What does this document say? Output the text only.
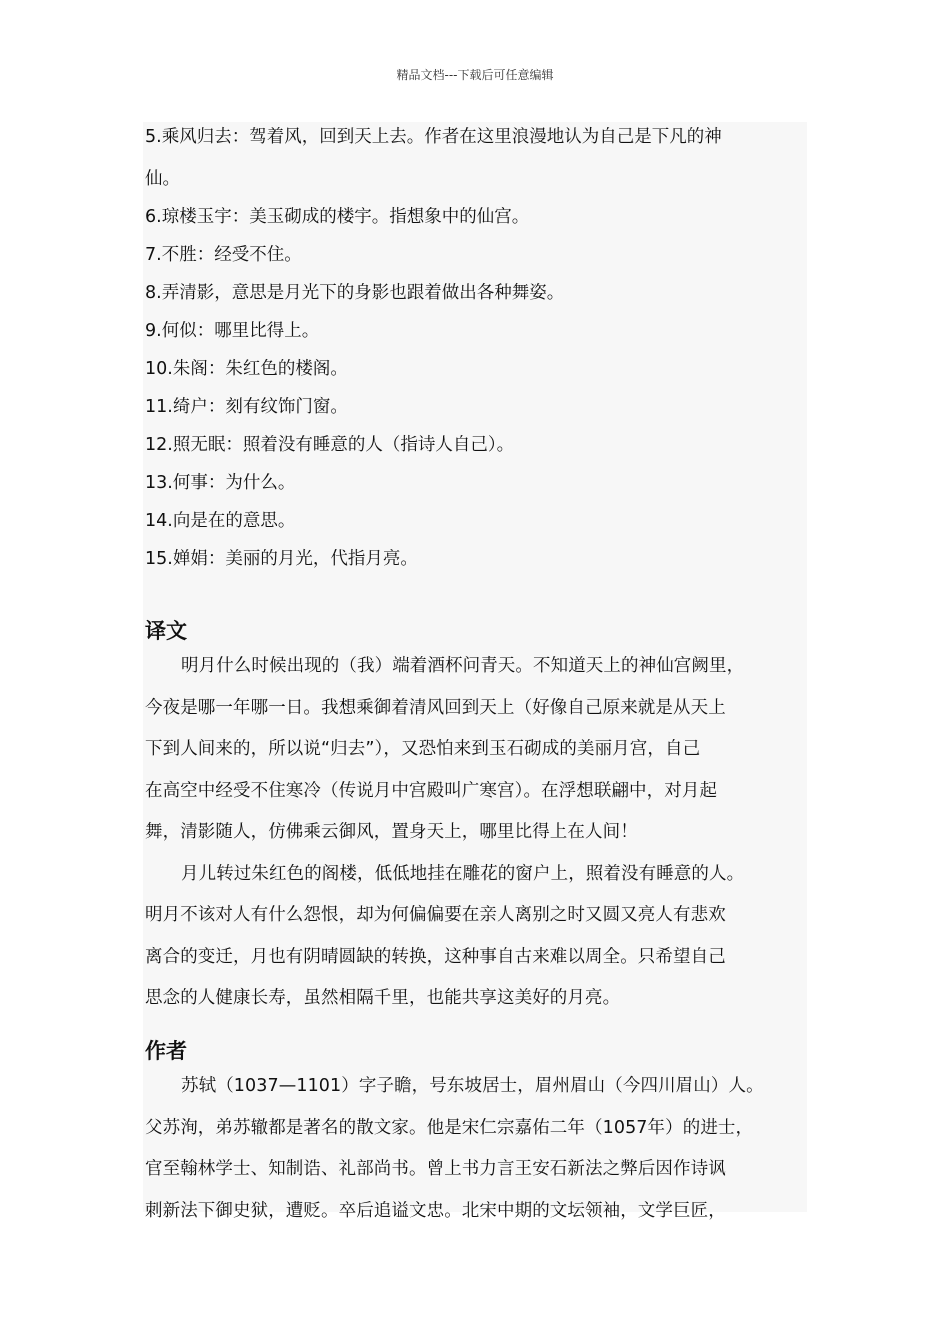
精品文档---下载后可任意编辑
5.乘风归去：驾着风，回到天上去。作者在这里浪漫地认为自己是下凡的神
仙。
6.琼楼玉宇：美玉砌成的楼宇。指想象中的仙宫。
7.不胜：经受不住。
8.弄清影，意思是月光下的身影也跟着做出各种舞姿。
9.何似：哪里比得上。
10.朱阁：朱红色的楼阁。
11.绮户：刻有纹饰门窗。
12.照无眠：照着没有睡意的人（指诗人自己）。
13.何事：为什么。
14.向是在的意思。
15.婵娟：美丽的月光，代指月亮。
译文
明月什么时候出现的（我）端着酒杯问青天。不知道天上的神仙宫阙里，
今夜是哪一年哪一日。我想乘御着清风回到天上（好像自己原来就是从天上
下到人间来的，所以说“归去”），又恐怕来到玉石砌成的美丽月宫，自己
在高空中经受不住寒冷（传说月中宫殿叫广寒宫）。在浮想联翩中，对月起
舞，清影随人，仿佛乘云御风，置身天上，哪里比得上在人间！
月儿转过朱红色的阁楼，低低地挂在雕花的窗户上，照着没有睡意的人。
明月不该对人有什么怨恨，却为何偏偏要在亲人离别之时又圆又亮人有悲欢
离合的变迁，月也有阴晴圆缺的转换，这种事自古来难以周全。只希望自己
思念的人健康长寿，虽然相隔千里，也能共享这美好的月亮。
作者
苏轼（1037—1101）字子瞻，号东坡居士，眉州眉山（今四川眉山）人。
父苏洵，弟苏辙都是著名的散文家。他是宋仁宗嘉佑二年（1057年）的进士，
官至翰林学士、知制诰、礼部尚书。曾上书力言王安石新法之弊后因作诗讽
刺新法下御史狱，遭贬。卒后追谥文忠。北宋中期的文坛领袖，文学巨匠，
